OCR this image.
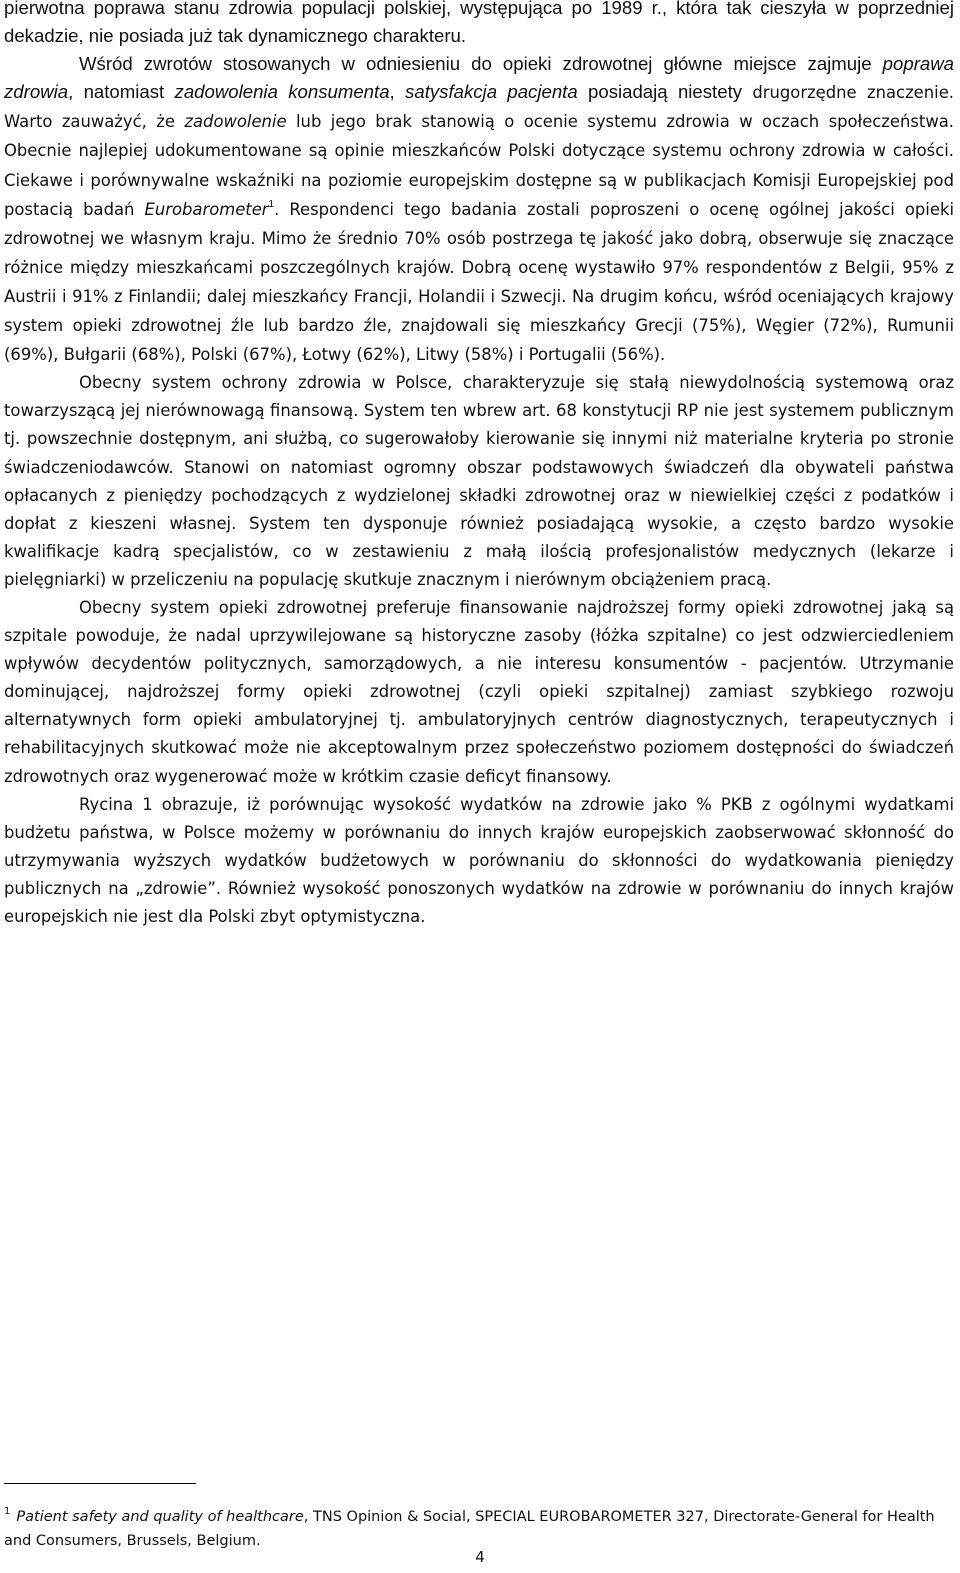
pierwotna poprawa stanu zdrowia populacji polskiej, występująca po 1989 r., która tak cieszyła w poprzedniej dekadzie, nie posiada już tak dynamicznego charakteru.

Wśród zwrotów stosowanych w odniesieniu do opieki zdrowotnej główne miejsce zajmuje poprawa zdrowia, natomiast zadowolenia konsumenta, satysfakcja pacjenta posiadają niestety drugorzędne znaczenie. Warto zauważyć, że zadowolenie lub jego brak stanowią o ocenie systemu zdrowia w oczach społeczeństwa. Obecnie najlepiej udokumentowane są opinie mieszkańców Polski dotyczące systemu ochrony zdrowia w całości. Ciekawe i porównywalne wskaźniki na poziomie europejskim dostępne są w publikacjach Komisji Europejskiej pod postacią badań Eurobarometer$^1$. Respondenci tego badania zostali poproszeni o ocenę ogólnej jakości opieki zdrowotnej we własnym kraju. Mimo że średnio 70% osób postrzega tę jakość jako dobrą, obserwuje się znaczące różnice między mieszkańcami poszczególnych krajów. Dobrą ocenę wystawiło 97% respondentów z Belgii, 95% z Austrii i 91% z Finlandii; dalej mieszkańcy Francji, Holandii i Szwecji. Na drugim końcu, wśród oceniających krajowy system opieki zdrowotnej źle lub bardzo źle, znajdowali się mieszkańcy Grecji (75%), Węgier (72%), Rumunii (69%), Bułgarii (68%), Polski (67%), Łotwy (62%), Litwy (58%) i Portugalii (56%).

Obecny system ochrony zdrowia w Polsce, charakteryzuje się stałą niewydolnością systemową oraz towarzyszącą jej nierównowagą finansową. System ten wbrew art. 68 konstytucji RP nie jest systemem publicznym tj. powszechnie dostępnym, ani służbą, co sugerowałoby kierowanie się innymi niż materialne kryteria po stronie świadczeniodawców. Stanowi on natomiast ogromny obszar podstawowych świadczeń dla obywateli państwa opłacanych z pieniędzy pochodzących z wydzielonej składki zdrowotnej oraz w niewielkiej części z podatków i dopłat z kieszeni własnej. System ten dysponuje również posiadającą wysokie, a często bardzo wysokie kwalifikacje kadrą specjalistów, co w zestawieniu z małą ilością profesjonalistów medycznych (lekarze i pielęgniarki) w przeliczeniu na populację skutkuje znacznym i nierównym obciążeniem pracą.

Obecny system opieki zdrowotnej preferuje finansowanie najdroższej formy opieki zdrowotnej jaką są szpitale powoduje, że nadal uprzywilejowane są historyczne zasoby (łóżka szpitalne) co jest odzwierciedleniem wpływów decydentów politycznych, samorządowych, a nie interesu konsumentów - pacjentów. Utrzymanie dominującej, najdroższej formy opieki zdrowotnej (czyli opieki szpitalnej) zamiast szybkiego rozwoju alternatywnych form opieki ambulatoryjnej tj. ambulatoryjnych centrów diagnostycznych, terapeutycznych i rehabilitacyjnych skutkować może nie akceptowalnym przez społeczeństwo poziomem dostępności do świadczeń zdrowotnych oraz wygenerować może w krótkim czasie deficyt finansowy.

Rycina 1 obrazuje, iż porównując wysokość wydatków na zdrowie jako % PKB z ogólnymi wydatkami budżetu państwa, w Polsce możemy w porównaniu do innych krajów europejskich zaobserwować skłonność do utrzymywania wyższych wydatków budżetowych w porównaniu do skłonności do wydatkowania pieniędzy publicznych na „zdrowie”. Również wysokość ponoszonych wydatków na zdrowie w porównaniu do innych krajów europejskich nie jest dla Polski zbyt optymistyczna.

$^1$ Patient safety and quality of healthcare, TNS Opinion & Social, SPECIAL EUROBAROMETER 327, Directorate-General for Health and Consumers, Brussels, Belgium.
4
